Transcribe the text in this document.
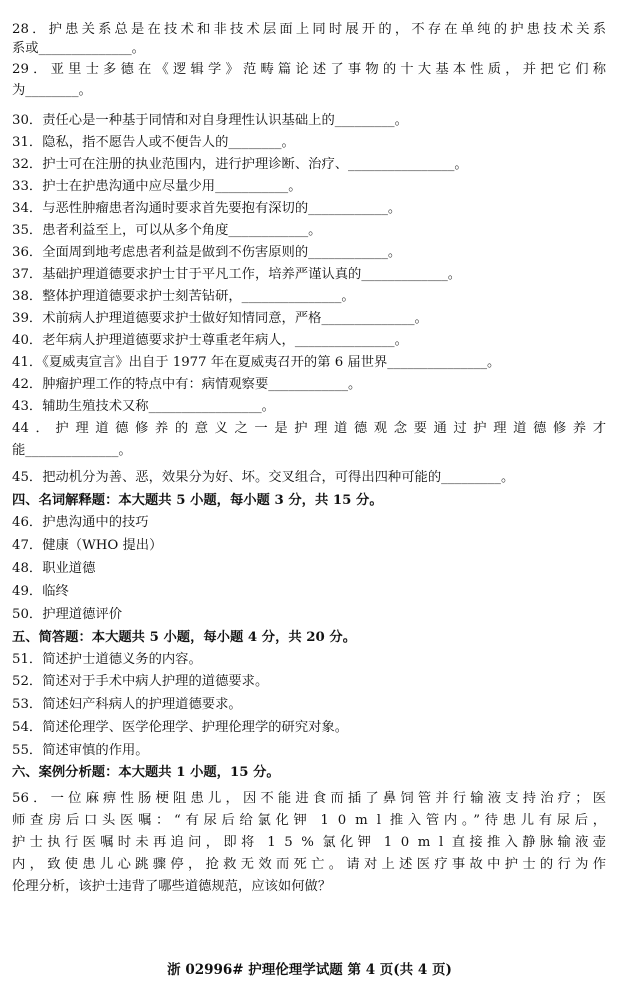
28．护患关系总是在技术和非技术层面上同时展开的，不存在单纯的护患技术关系
系或______________。
29．亚里士多德在《逻辑学》范畴篇论述了事物的十大基本性质，并把它们称
为________。
30．责任心是一种基于同情和对自身理性认识基础上的_________。
31．隐私，指不愿告人或不便告人的________。
32．护士可在注册的执业范围内，进行护理诊断、治疗、________________。
33．护士在护患沟通中应尽量少用___________。
34．与恶性肿瘤患者沟通时要求首先要抱有深切的____________。
35．患者利益至上，可以从多个角度____________。
36．全面周到地考虑患者利益是做到不伤害原则的____________。
37．基础护理道德要求护士甘于平凡工作，培养严谨认真的_____________。
38．整体护理道德要求护士刻苦钻研，_______________。
39．术前病人护理道德要求护士做好知情同意，严格______________。
40．老年病人护理道德要求护士尊重老年病人，_______________。
41．《夏威夷宣言》出自于 1977 年在夏威夷召开的第 6 届世界_______________。
42．肿瘤护理工作的特点中有：病情观察要____________。
43．辅助生殖技术又称_________________。
44．护理道德修养的意义之一是护理道德观念要通过护理道德修养才
能______________。
45．把动机分为善、恶，效果分为好、坏。交叉组合，可得出四种可能的_________。
四、名词解释题：本大题共 5 小题，每小题 3 分，共 15 分。
46．护患沟通中的技巧
47．健康（WHO 提出）
48．职业道德
49．临终
50．护理道德评价
五、简答题：本大题共 5 小题，每小题 4 分，共 20 分。
51．简述护士道德义务的内容。
52．简述对于手术中病人护理的道德要求。
53．简述妇产科病人的护理道德要求。
54．简述伦理学、医学伦理学、护理伦理学的研究对象。
55．简述审慎的作用。
六、案例分析题：本大题共 1 小题，15 分。
56．一位麻痹性肠梗阻患儿，因不能进食而插了鼻饲管并行输液支持治疗；医
师查房后口头医嘱：“有尿后给氯化钾 1 0 m l 推入管内。”待患儿有尿后，
护士执行医嘱时未再追问，即将 1 5 % 氯化钾 1 0 m l 直接推入静脉输液壶
内，致使患儿心跳骤停，抢救无效而死亡。请对上述医疗事故中护士的行为作
伦理分析，该护士违背了哪些道德规范，应该如何做？
浙 02996# 护理伦理学试题 第 4 页(共 4 页)
